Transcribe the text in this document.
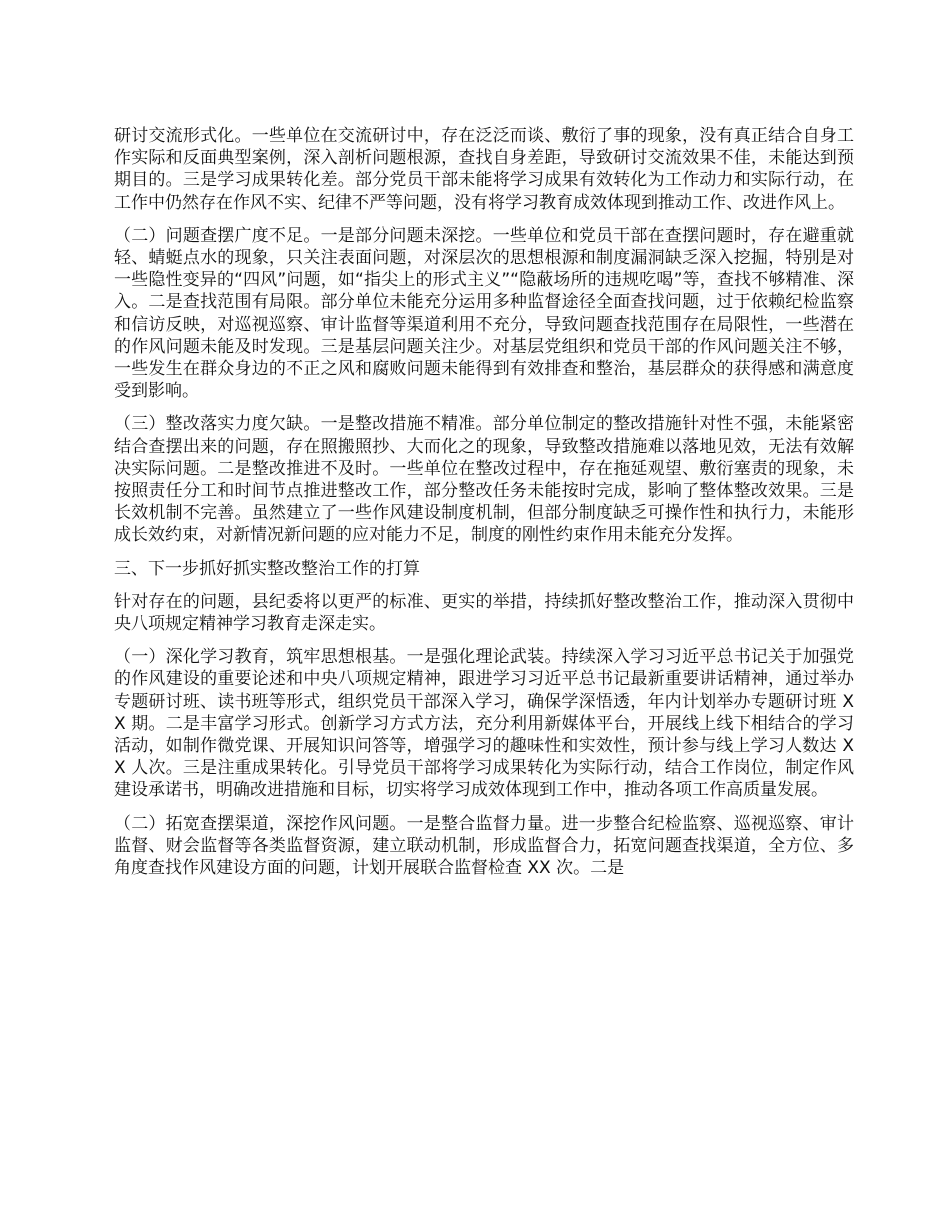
研讨交流形式化。一些单位在交流研讨中，存在泛泛而谈、敷衍了事的现象，没有真正结合自身工作实际和反面典型案例，深入剖析问题根源，查找自身差距，导致研讨交流效果不佳，未能达到预期目的。三是学习成果转化差。部分党员干部未能将学习成果有效转化为工作动力和实际行动，在工作中仍然存在作风不实、纪律不严等问题，没有将学习教育成效体现到推动工作、改进作风上。

（二）问题查摆广度不足。一是部分问题未深挖。一些单位和党员干部在查摆问题时，存在避重就轻、蜻蜓点水的现象，只关注表面问题，对深层次的思想根源和制度漏洞缺乏深入挖掘，特别是对一些隐性变异的“四风”问题，如“指尖上的形式主义”“隐蔽场所的违规吃喝”等，查找不够精准、深入。二是查找范围有局限。部分单位未能充分运用多种监督途径全面查找问题，过于依赖纪检监察和信访反映，对巡视巡察、审计监督等渠道利用不充分，导致问题查找范围存在局限性，一些潜在的作风问题未能及时发现。三是基层问题关注少。对基层党组织和党员干部的作风问题关注不够，一些发生在群众身边的不正之风和腐败问题未能得到有效排查和整治，基层群众的获得感和满意度受到影响。

（三）整改落实力度欠缺。一是整改措施不精准。部分单位制定的整改措施针对性不强，未能紧密结合查摆出来的问题，存在照搬照抄、大而化之的现象，导致整改措施难以落地见效，无法有效解决实际问题。二是整改推进不及时。一些单位在整改过程中，存在拖延观望、敷衍塞责的现象，未按照责任分工和时间节点推进整改工作，部分整改任务未能按时完成，影响了整体整改效果。三是长效机制不完善。虽然建立了一些作风建设制度机制，但部分制度缺乏可操作性和执行力，未能形成长效约束，对新情况新问题的应对能力不足，制度的刚性约束作用未能充分发挥。

三、下一步抓好抓实整改整治工作的打算

针对存在的问题，县纪委将以更严的标准、更实的举措，持续抓好整改整治工作，推动深入贯彻中央八项规定精神学习教育走深走实。

（一）深化学习教育，筑牢思想根基。一是强化理论武装。持续深入学习习近平总书记关于加强党的作风建设的重要论述和中央八项规定精神，跟进学习习近平总书记最新重要讲话精神，通过举办专题研讨班、读书班等形式，组织党员干部深入学习，确保学深悟透，年内计划举办专题研讨班 XX 期。二是丰富学习形式。创新学习方式方法，充分利用新媒体平台，开展线上线下相结合的学习活动，如制作微党课、开展知识问答等，增强学习的趣味性和实效性，预计参与线上学习人数达 XX 人次。三是注重成果转化。引导党员干部将学习成果转化为实际行动，结合工作岗位，制定作风建设承诺书，明确改进措施和目标，切实将学习成效体现到工作中，推动各项工作高质量发展。

（二）拓宽查摆渠道，深挖作风问题。一是整合监督力量。进一步整合纪检监察、巡视巡察、审计监督、财会监督等各类监督资源，建立联动机制，形成监督合力，拓宽问题查找渠道，全方位、多角度查找作风建设方面的问题，计划开展联合监督检查 XX 次。二是
